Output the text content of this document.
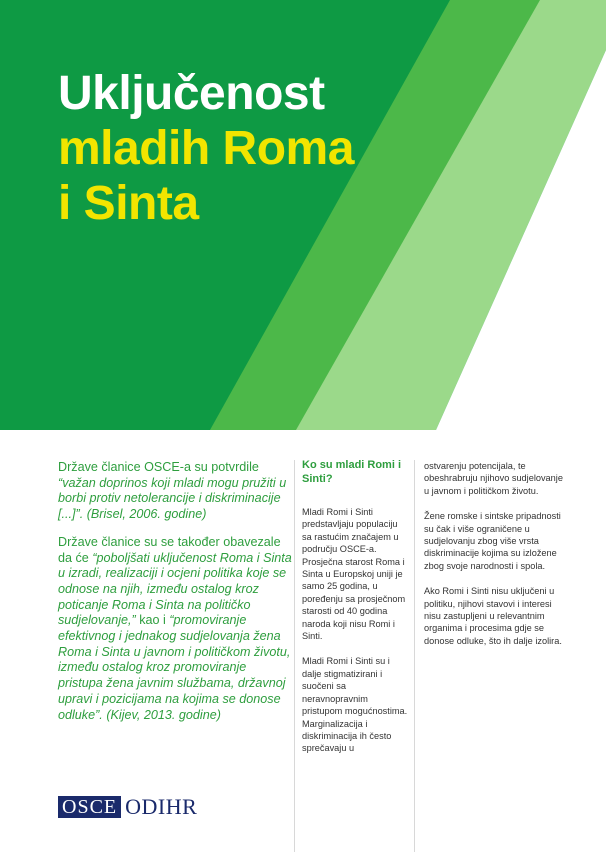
Uključenost
mladih Roma
i Sinta

Države članice OSCE-a su potvrdile “važan doprinos koji mladi mogu pružiti u borbi protiv netolerancije i diskriminacije [...]”. (Brisel, 2006. godine)

Države članice su se također obavezale da će “poboljšati uključenost Roma i Sinta u izradi, realizaciji i ocjeni politika koje se odnose na njih, između ostalog kroz poticanje Roma i Sinta na političko sudjelovanje,” kao i “promoviranje efektivnog i jednakog sudjelovanja žena Roma i Sinta u javnom i političkom životu, između ostalog kroz promoviranje pristupa žena javnim službama, državnoj upravi i pozicijama na kojima se donose odluke”. (Kijev, 2013. godine)

Ko su mladi Romi i Sinti?

Mladi Romi i Sinti predstavljaju populaciju sa rastućim značajem u području OSCE-a. Prosječna starost Roma i Sinta u Europskoj uniji je samo 25 godina, u poređenju sa prosječnom starosti od 40 godina naroda koji nisu Romi i Sinti.

Mladi Romi i Sinti su i dalje stigmatizirani i suočeni sa neravnopravnim pristupom mogućnostima. Marginalizacija i diskriminacija ih često sprečavaju u

ostvarenju potencijala, te obeshrabruju njihovo sudjelovanje u javnom i političkom životu.

Žene romske i sintske pripadnosti su čak i više ograničene u sudjelovanju zbog više vrsta diskriminacije kojima su izložene zbog svoje narodnosti i spola.

Ako Romi i Sinti nisu uključeni u politiku, njihovi stavovi i interesi nisu zastupljeni u relevantnim organima i procesima gdje se donose odluke, što ih dalje izolira.

OSCE ODIHR
